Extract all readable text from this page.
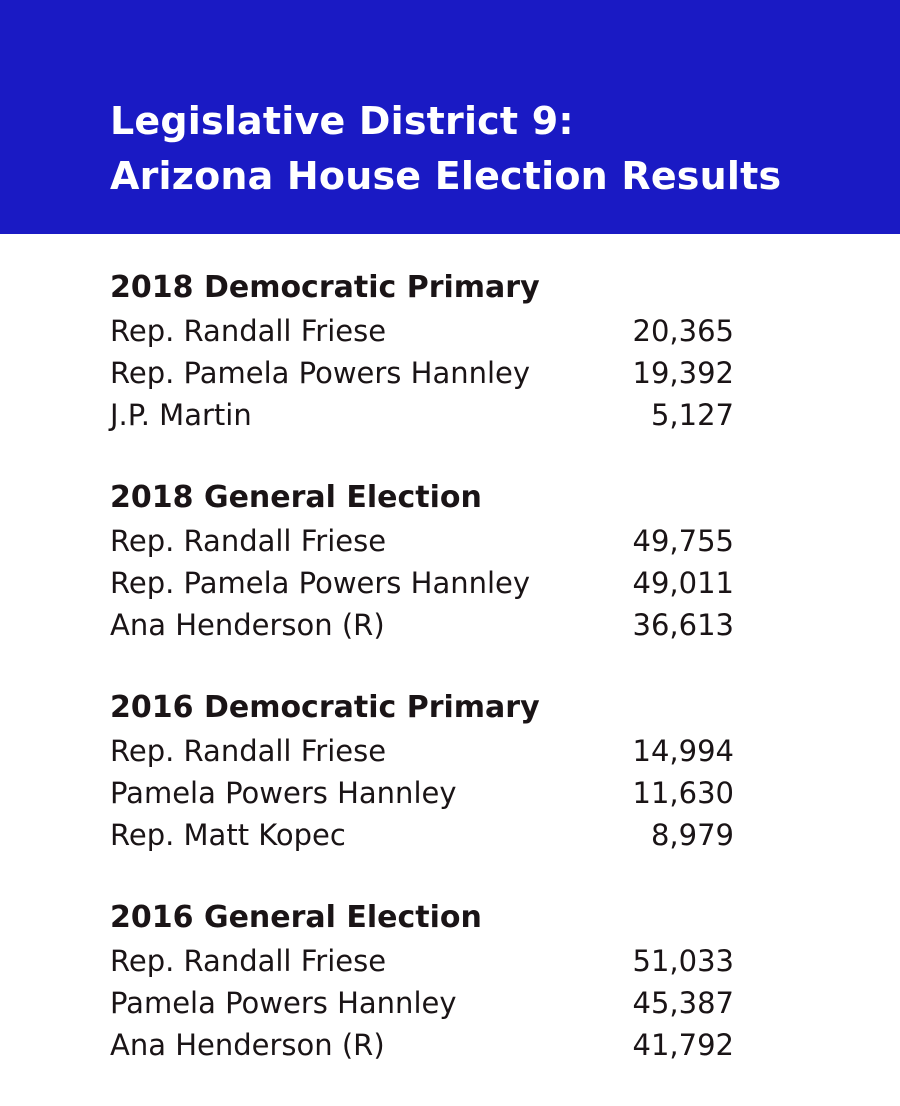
Legislative District 9:
Arizona House Election Results
2018 Democratic Primary
Rep. Randall Friese	20,365
Rep. Pamela Powers Hannley	19,392
J.P. Martin	5,127
2018 General Election
Rep. Randall Friese	49,755
Rep. Pamela Powers Hannley	49,011
Ana Henderson (R)	36,613
2016 Democratic Primary
Rep. Randall Friese	14,994
Pamela Powers Hannley	11,630
Rep. Matt Kopec	8,979
2016 General Election
Rep. Randall Friese	51,033
Pamela Powers Hannley	45,387
Ana Henderson (R)	41,792
